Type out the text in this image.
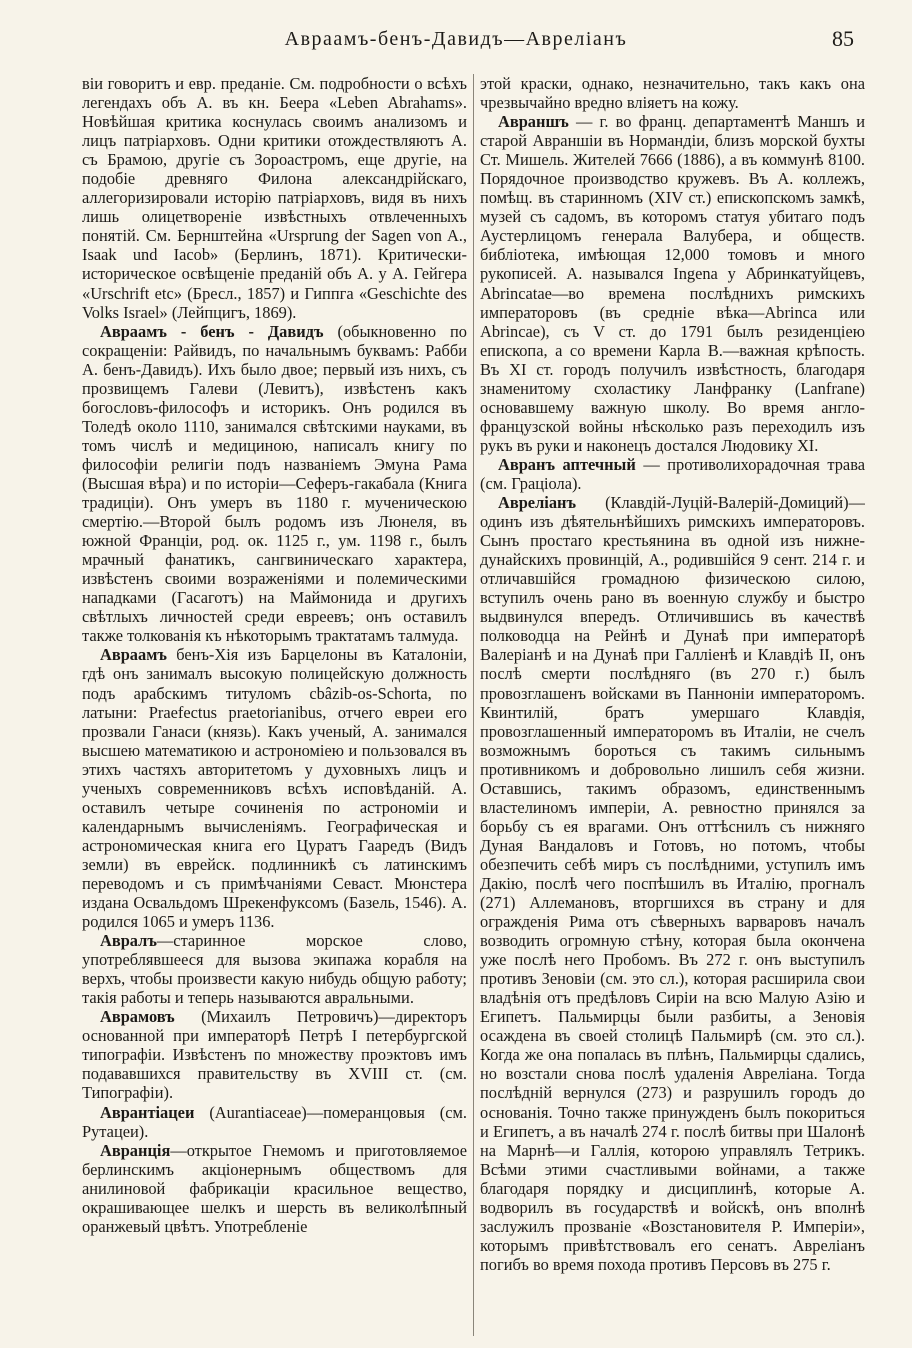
Авраамъ-бенъ-Давидъ—Аврелiанъ	85

віи говоритъ и евр. преданіе. См. подробности о всѣхъ легендахъ объ А. въ кн. Беера «Leben Abrahams». Новѣйшая критика коснулась своимъ анализомъ и лицъ патріарховъ. Одни критики отождествляютъ А. съ Брамою, другіе съ Зороастромъ, еще другіе, на подобіе древняго Филона александрійскаго, аллегоризировали исторію патріарховъ, видя въ нихъ лишь олицетвореніе извѣстныхъ отвлеченныхъ понятій. См. Бернштейна «Ursprung der Sagen von A., Isaak und Iacob» (Берлинъ, 1871). Критически-историческое освѣщеніе преданій объ А. у А. Гейгера «Urschrift etc» (Бресл., 1857) и Гиппга «Geschichte des Volks Israel» (Лейпцигъ, 1869).

Авраамъ - бенъ - Давидъ (обыкновенно по сокращеніи: Райвидъ, по начальнымъ буквамъ: Рабби А. бенъ-Давидъ). Ихъ было двое; первый изъ нихъ, съ прозвищемъ Галеви (Левитъ), извѣстенъ какъ богословъ-философъ и историкъ. Онъ родился въ Толедѣ около 1110, занимался свѣтскими науками, въ томъ числѣ и медициною, написалъ книгу по философіи религіи подъ названіемъ Эмуна Рама (Высшая вѣра) и по исторіи—Сеферъ-гакабала (Книга традиціи). Онъ умеръ въ 1180 г. мученическою смертію.—Второй былъ родомъ изъ Люнеля, въ южной Франціи, род. ок. 1125 г., ум. 1198 г., былъ мрачный фанатикъ, сангвиническаго характера, извѣстенъ своими возраженіями и полемическими нападками (Гасаготъ) на Маймонида и другихъ свѣтлыхъ личностей среди евреевъ; онъ оставилъ также толкованія къ нѣкоторымъ трактатамъ талмуда.

Авраамъ бенъ-Хія изъ Барцелоны въ Каталоніи, гдѣ онъ занималъ высокую полицейскую должность подъ арабскимъ титуломъ cbâzib-os-Schorta, по латыни: Praefectus praetorianibus, отчего евреи его прозвали Ганаси (князь). Какъ ученый, А. занимался высшею математикою и астрономіею и пользовался въ этихъ частяхъ авторитетомъ у духовныхъ лицъ и ученыхъ современниковъ всѣхъ исповѣданій. А. оставилъ четыре сочиненія по астрономіи и календарнымъ вычисленіямъ. Географическая и астрономическая книга его Цуратъ Гааредъ (Видъ земли) въ еврейск. подлинникѣ съ латинскимъ переводомъ и съ примѣчаніями Севаст. Мюнстера издана Освальдомъ Шрекенфуксомъ (Базель, 1546). А. родился 1065 и умеръ 1136.

Авралъ—старинное морское слово, употреблявшееся для вызова экипажа корабля на верхъ, чтобы произвести какую нибудь общую работу; такія работы и теперь называются авральными.

Аврамовъ (Михаилъ Петровичъ)—директоръ основанной при императорѣ Петрѣ I петербургской типографіи. Извѣстенъ по множеству проэктовъ имъ подававшихся правительству въ XVIII ст. (см. Типографіи).

Аврантіацеи (Aurantiaceae)—померанцовыя (см. Рутацеи).

Авранція—открытое Гнемомъ и приготовляемое берлинскимъ акціонернымъ обществомъ для анилиновой фабрикаціи красильное вещество, окрашивающее шелкъ и шерсть въ великолѣпный оранжевый цвѣтъ. Употребленіе

этой краски, однако, незначительно, такъ какъ она чрезвычайно вредно вліяетъ на кожу.

Авраншъ — г. во франц. департаментѣ Маншъ и старой Авраншіи въ Нормандіи, близъ морской бухты Ст. Мишель. Жителей 7666 (1886), а въ коммунѣ 8100. Порядочное производство кружевъ. Въ А. коллежъ, помѣщ. въ старинномъ (XIV ст.) епископскомъ замкѣ, музей съ садомъ, въ которомъ статуя убитаго подъ Аустерлицомъ генерала Валубера, и обществ. библіотека, имѣющая 12,000 томовъ и много рукописей. А. назывался Ingena у Абринкатуйцевъ, Abrincatae—во времена послѣднихъ римскихъ императоровъ (въ средніе вѣка—Abrinca или Abrincae), съ V ст. до 1791 былъ резиденціею епископа, а со времени Карла В.—важная крѣпость. Въ XI ст. городъ получилъ извѣстность, благодаря знаменитому схоластику Ланфранку (Lanfrane) основавшему важную школу. Во время англо-французской войны нѣсколько разъ переходилъ изъ рукъ въ руки и наконецъ достался Людовику XI.

Авранъ аптечный — противолихорадочная трава (см. Граціола).

Авреліанъ (Клавдій-Луцій-Валерій-Домиций)—одинъ изъ дѣятельнѣйшихъ римскихъ императоровъ. Сынъ простаго крестьянина въ одной изъ нижне-дунайскихъ провинцій, А., родившійся 9 сент. 214 г. и отличавшійся громадною физическою силою, вступилъ очень рано въ военную службу и быстро выдвинулся впередъ. Отличившись въ качествѣ полководца на Рейнѣ и Дунаѣ при императорѣ Валеріанѣ и на Дунаѣ при Галліенѣ и Клавдіѣ II, онъ послѣ смерти послѣдняго (въ 270 г.) былъ провозглашенъ войсками въ Панноніи императоромъ. Квинтилій, братъ умершаго Клавдія, провозглашенный императоромъ въ Италіи, не счелъ возможнымъ бороться съ такимъ сильнымъ противникомъ и добровольно лишилъ себя жизни. Оставшись, такимъ образомъ, единственнымъ властелиномъ имперіи, А. ревностно принялся за борьбу съ ея врагами. Онъ оттѣснилъ съ нижняго Дуная Вандаловъ и Готовъ, но потомъ, чтобы обезпечить себѣ миръ съ послѣдними, уступилъ имъ Дакію, послѣ чего поспѣшилъ въ Италію, прогналъ (271) Аллемановъ, вторгшихся въ страну и для огражденія Рима отъ сѣверныхъ варваровъ началъ возводить огромную стѣну, которая была окончена уже послѣ него Пробомъ. Въ 272 г. онъ выступилъ противъ Зеновіи (см. это сл.), которая расширила свои владѣнія отъ предѣловъ Сиріи на всю Малую Азію и Египетъ. Пальмирцы были разбиты, а Зеновія осаждена въ своей столицѣ Пальмирѣ (см. это сл.). Когда же она попалась въ плѣнъ, Пальмирцы сдались, но возстали снова послѣ удаленія Авреліана. Тогда послѣдній вернулся (273) и разрушилъ городъ до основанія. Точно также принужденъ былъ покориться и Египетъ, а въ началѣ 274 г. послѣ битвы при Шалонѣ на Марнѣ—и Галлія, которою управлялъ Тетрикъ. Всѣми этими счастливыми войнами, а также благодаря порядку и дисциплинѣ, которые А. водворилъ въ государствѣ и войскѣ, онъ вполнѣ заслужилъ прозваніе «Возстановителя Р. Имперіи», которымъ привѣтствовалъ его сенатъ. Авреліанъ погибъ во время похода противъ Персовъ въ 275 г.
